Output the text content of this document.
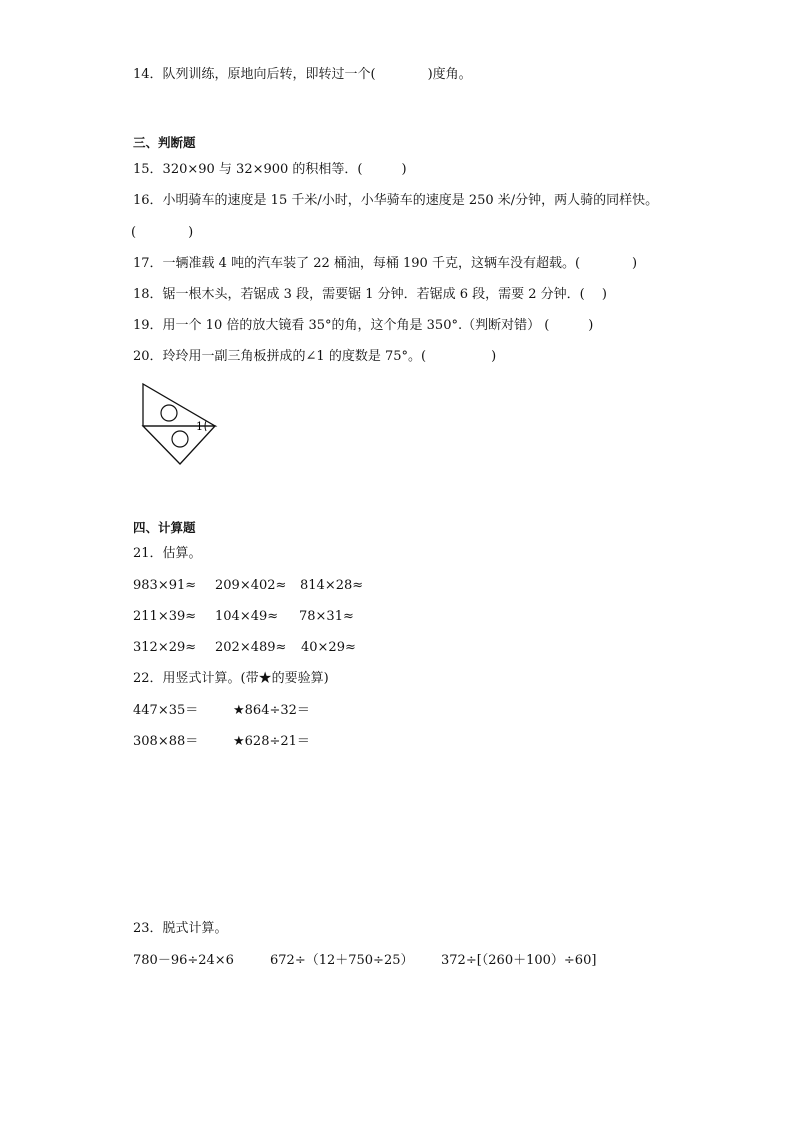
14．队列训练，原地向后转，即转过一个(　　　　)度角。
三、判断题
15．320×90 与 32×900 的积相等．(　　　)
16．小明骑车的速度是 15 千米/小时，小华骑车的速度是 250 米/分钟，两人骑的同样快。
(　　　　)
17．一辆准载 4 吨的汽车装了 22 桶油，每桶 190 千克，这辆车没有超载。(　　　　)
18．锯一根木头，若锯成 3 段，需要锯 1 分钟．若锯成 6 段，需要 2 分钟．(　 )
19．用一个 10 倍的放大镜看 35°的角，这个角是 350°.（判断对错） (　　　)
20．玲玲用一副三角板拼成的∠1 的度数是 75°。(　　　　　)
1
四、计算题
21．估算。
983×91≈ 209×402≈ 814×28≈
211×39≈ 104×49≈ 78×31≈
312×29≈ 202×489≈ 40×29≈
22．用竖式计算。(带★的要验算)
447×35＝	★864÷32＝
308×88＝	★628÷21＝
23．脱式计算。
780－96÷24×6	672÷（12＋750÷25） 372÷[（260＋100）÷60]
